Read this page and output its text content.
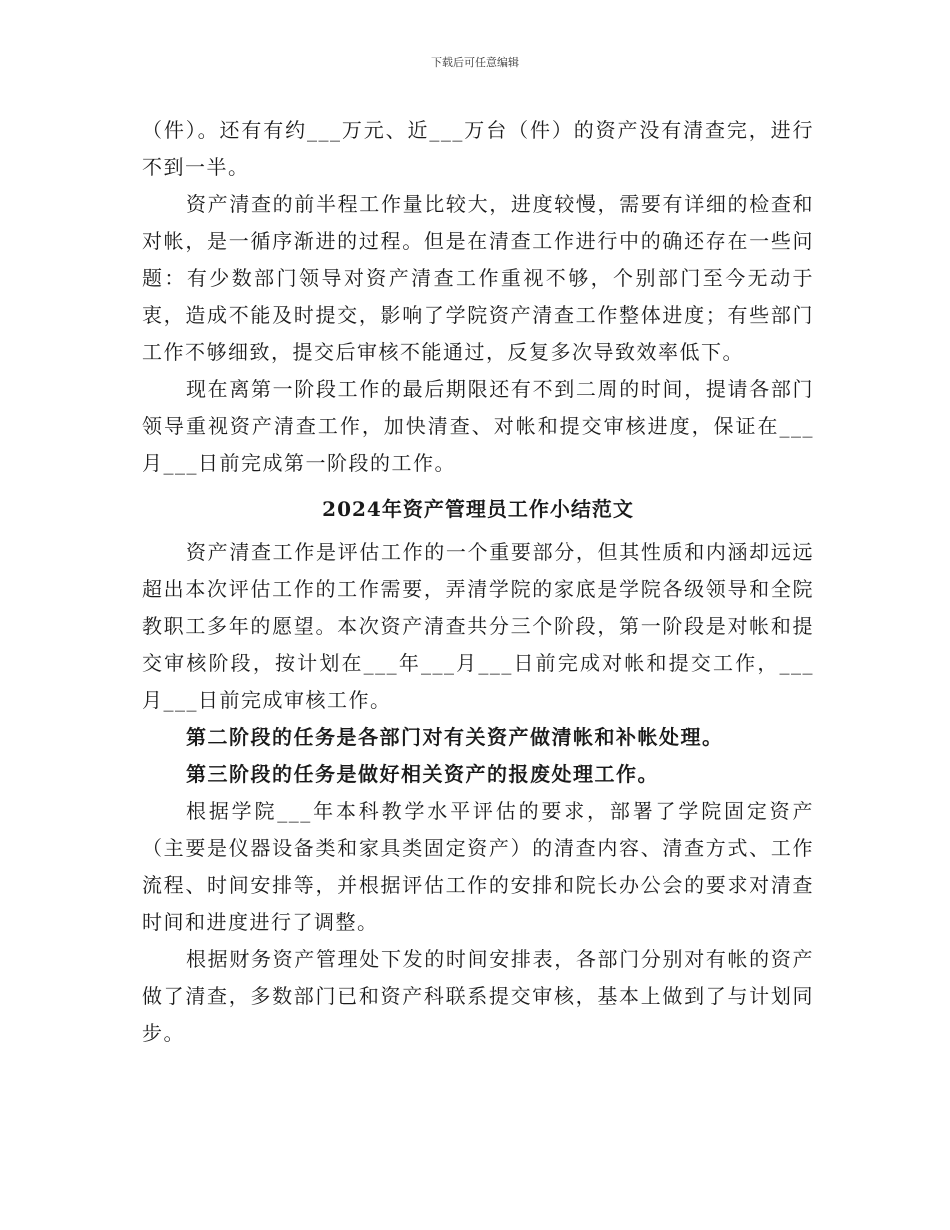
下载后可任意编辑

（件）。还有有约___万元、近___万台（件）的资产没有清查完，进行不到一半。

资产清查的前半程工作量比较大，进度较慢，需要有详细的检查和对帐，是一循序渐进的过程。但是在清查工作进行中的确还存在一些问题：有少数部门领导对资产清查工作重视不够，个别部门至今无动于衷，造成不能及时提交，影响了学院资产清查工作整体进度；有些部门工作不够细致，提交后审核不能通过，反复多次导致效率低下。

现在离第一阶段工作的最后期限还有不到二周的时间，提请各部门领导重视资产清查工作，加快清查、对帐和提交审核进度，保证在___月___日前完成第一阶段的工作。

2024年资产管理员工作小结范文

资产清查工作是评估工作的一个重要部分，但其性质和内涵却远远超出本次评估工作的工作需要，弄清学院的家底是学院各级领导和全院教职工多年的愿望。本次资产清查共分三个阶段，第一阶段是对帐和提交审核阶段，按计划在___年___月___日前完成对帐和提交工作，___月___日前完成审核工作。

第二阶段的任务是各部门对有关资产做清帐和补帐处理。

第三阶段的任务是做好相关资产的报废处理工作。

根据学院___年本科教学水平评估的要求，部署了学院固定资产（主要是仪器设备类和家具类固定资产）的清查内容、清查方式、工作流程、时间安排等，并根据评估工作的安排和院长办公会的要求对清查时间和进度进行了调整。

根据财务资产管理处下发的时间安排表，各部门分别对有帐的资产做了清查，多数部门已和资产科联系提交审核，基本上做到了与计划同步。
